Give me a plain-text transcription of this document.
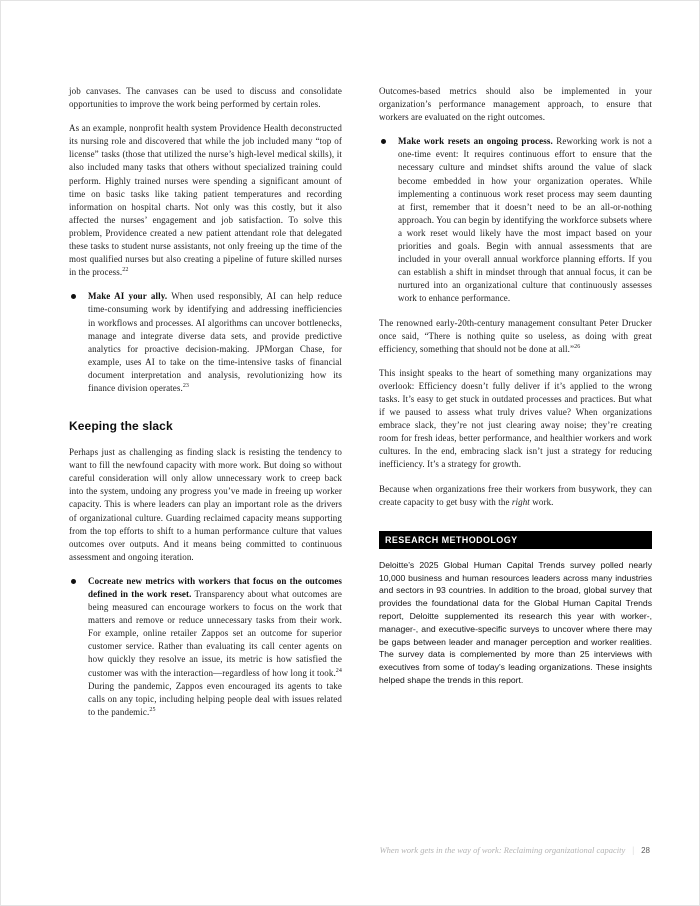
job canvases. The canvases can be used to discuss and consolidate opportunities to improve the work being performed by certain roles.

As an example, nonprofit health system Providence Health deconstructed its nursing role and discovered that while the job included many “top of license” tasks (those that utilized the nurse’s high-level medical skills), it also included many tasks that others without specialized training could perform. Highly trained nurses were spending a significant amount of time on basic tasks like taking patient temperatures and recording information on hospital charts. Not only was this costly, but it also affected the nurses’ engagement and job satisfaction. To solve this problem, Providence created a new patient attendant role that delegated these tasks to student nurse assistants, not only freeing up the time of the most qualified nurses but also creating a pipeline of future skilled nurses in the process.$^{22}$

Make AI your ally. When used responsibly, AI can help reduce time-consuming work by identifying and addressing inefficiencies in workflows and processes. AI algorithms can uncover bottlenecks, manage and integrate diverse data sets, and provide predictive analytics for proactive decision-making. JPMorgan Chase, for example, uses AI to take on the time-intensive tasks of financial document interpretation and analysis, revolutionizing how its finance division operates.$^{23}$

Keeping the slack

Perhaps just as challenging as finding slack is resisting the tendency to want to fill the newfound capacity with more work. But doing so without careful consideration will only allow unnecessary work to creep back into the system, undoing any progress you’ve made in freeing up worker capacity. This is where leaders can play an important role as the drivers of organizational culture. Guarding reclaimed capacity means supporting from the top efforts to shift to a human performance culture that values outcomes over outputs. And it means being committed to continuous assessment and ongoing iteration.

Cocreate new metrics with workers that focus on the outcomes defined in the work reset. Transparency about what outcomes are being measured can encourage workers to focus on the work that matters and remove or reduce unnecessary tasks from their work. For example, online retailer Zappos set an outcome for superior customer service. Rather than evaluating its call center agents on how quickly they resolve an issue, its metric is how satisfied the customer was with the interaction—regardless of how long it took.$^{24}$ During the pandemic, Zappos even encouraged its agents to take calls on any topic, including helping people deal with issues related to the pandemic.$^{25}$

Outcomes-based metrics should also be implemented in your organization’s performance management approach, to ensure that workers are evaluated on the right outcomes.

Make work resets an ongoing process. Reworking work is not a one-time event: It requires continuous effort to ensure that the necessary culture and mindset shifts around the value of slack become embedded in how your organization operates. While implementing a continuous work reset process may seem daunting at first, remember that it doesn’t need to be an all-or-nothing approach. You can begin by identifying the workforce subsets where a work reset would likely have the most impact based on your priorities and goals. Begin with annual assessments that are included in your overall annual workforce planning efforts. If you can establish a shift in mindset through that annual focus, it can be nurtured into an organizational culture that continuously assesses work to enhance performance.

The renowned early-20th-century management consultant Peter Drucker once said, “There is nothing quite so useless, as doing with great efficiency, something that should not be done at all.”$^{26}$

This insight speaks to the heart of something many organizations may overlook: Efficiency doesn’t fully deliver if it’s applied to the wrong tasks. It’s easy to get stuck in outdated processes and practices. But what if we paused to assess what truly drives value? When organizations embrace slack, they’re not just clearing away noise; they’re creating room for fresh ideas, better performance, and healthier workers and work cultures. In the end, embracing slack isn’t just a strategy for reducing inefficiency. It’s a strategy for growth.

Because when organizations free their workers from busywork, they can create capacity to get busy with the right work.

RESEARCH METHODOLOGY

Deloitte’s 2025 Global Human Capital Trends survey polled nearly 10,000 business and human resources leaders across many industries and sectors in 93 countries. In addition to the broad, global survey that provides the foundational data for the Global Human Capital Trends report, Deloitte supplemented its research this year with worker-, manager-, and executive-specific surveys to uncover where there may be gaps between leader and manager perception and worker realities. The survey data is complemented by more than 25 interviews with executives from some of today’s leading organizations. These insights helped shape the trends in this report.

When work gets in the way of work: Reclaiming organizational capacity | 28
